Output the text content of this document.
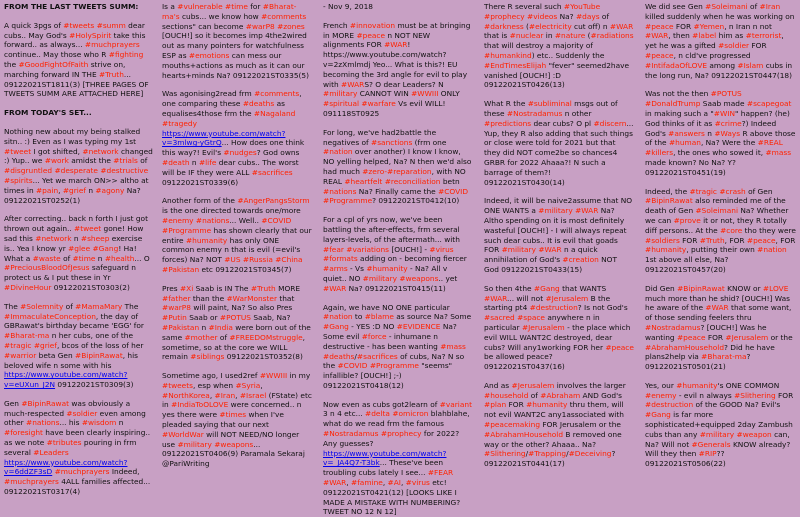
FROM THE LAST TWEETS SUMM:
A quick 3pgs of #tweets #summ dear cubs.. May God's #HolySpirit take this forward.. as always... #muchprayers continue.. May those who R #fighting the #GoodFightOfFaith strive on, marching forward IN THE #Truth... 09122021ST1811(3) [THREE PAGES OF TWEETS SUMM ARE ATTACHED HERE]
FROM TODAY'S SET...
Nothing new about my being stalked sitn.. :) Even as I was typing my 1st #tweet I got shifted, #network changed :) Yup.. we #work amidst the #trials of #disgruntled #desperate #destructive #spirits... Yet we march ON>> altho at times in #pain, #grief n #agony Na? 09122021ST0252(1)
After correcting.. back n forth I just got thrown out again.. #tweet gone! How sad this #network n #sheep exercise is.. Yea I know yr #glee #Gang! Ha! What a #waste of #time n #health... O #PreciousBloodOfJesus safeguard n protect us & I put these in Yr #DivineHour 09122021ST0303(2)
The #Solemnity of #MamaMary The #ImmaculateConception, the day of GBRawat's birthday became 'EGG' for #Bharat-ma n her cubs, one of the #tragic #grief, bcos of the loss of her #warrior beta Gen #BipinRawat, his beloved wife n some with his https://www.youtube.com/watch?v=eUXun_J2N 09122021ST0309(3)
Gen #BipinRawat was obviously a much-respected #soldier even among other #nations... his #wisdom n #foresight have been clearly inspiring.. as we note #tributes pouring in frm several #Leaders https://www.youtube.com/watch?v=6ddZF3sD #muchprayers Indeed, #muchprayers 4ALL families affected... 09122021ST0317(4)
Is a #vulnerable #time for #Bharat-ma's cubs... we know how #comments sections" can become #warP8 #zones [OUCH!] so it becomes imp 4the2wired out as many pointers for watchfulness ESP as #emotions can mess our mouths+actions as much as it can our hearts+minds Na? 09122021ST0335(5)
Was agonising2read frm #comments, one comparing these #deaths as equalises4those frm the #Nagaland #tragedy https://www.youtube.com/watch?v=3mlwg-yGtrQ... How does one think this way?! Evil's #nudges? God owns #death n #life dear cubs.. The worst will be IF they were ALL #sacrifices 09122021ST0339(6)
Another form of the #AngerPangsStorm is the one directed towards one/more #enemy #nations... Well.. #COVID #Programme has shown clearly that our entire #humanity has only ONE common enemy n that is evil (=evil's forces) Na? NOT #US #Russia #China #Pakistan etc 09122021ST0345(7)
Pres #Xi Saab is IN The #Truth MORE #father than the #WarMonster that #warP8 will paint, Na? So also Pres #Putin Saab or #POTUS Saab, Na? #Pakistan n #India were born out of the same #mother of #FREEDOMstruggle, sometime, so at the core we WILL remain #siblings 09122021ST0352(8)
Sometime ago, I used2ref #WWIII in my #tweets, esp when #Syria, #NorthKorea, #Iran, #Israel (FState) etc in #IndiaToOLOVE were concerned.. n yes there were #times when I've pleaded saying that our next #WorldWar will NOT NEED/NO longer use #military #weapons... 09122021ST0406(9) Paramala Sekaraj @PariWriting
- Nov 9, 2018
French #innovation must be at bringing in MORE #peace n NOT NEW alignments FOR #WAR! https://www.youtube.com/watch?v=2zXmlmdj Yeo... What is this?! EU becoming the 3rd angle for evil to play with #WARS? O dear Leaders? N #military CANNOT WIN #WWIII ONLY #spiritual #warfare Vs evil WILL! 091118ST0925
For long, we've had2battle the negatives of #sanctions (frm one #nation over another) I know I know, NO yelling helped, Na? N then we'd also had much #zero-#reparation, with NO REAL #heartfelt #reconciliation betn #nations Na? Finally came the #COVID #Programme? 09122021ST0412(10)
For a cpl of yrs now, we've been battling the after-effects, frm several layers-levels, of the aftermath... with #fear #variations [OUCH!] - #virus #formats adding on - becoming fiercer #arms - Vs #humanity - Na? All v quiet.. NO #military #weapons.. yet #WAR Na? 09122021ST0415(11)
Again, we have NO ONE particular #nation to #blame as source Na? Some #Gang - YES :D NO #EVIDENCE Na? Some evil #force - inhumane n destructive - has been wanting #mass #deaths/#sacrifices of cubs, Na? N so the #COVID #Programme "seems" infallible? [OUCH!] ;-) 09122021ST0418(12)
Now even as cubs got2learn of #variant 3 n 4 etc... #delta #omicron blahblahe, what do we read frm the famous #Nostradamus #prophecy for 2022? Any guesses? https://www.youtube.com/watch?v=_JA4Q7-T3bk... These've been troubling cubs lately I see... #FEAR #WAR, #famine, #AI, #virus etc! 09122021ST0421(12) [LOOKS LIKE I MADE A MISTAKE WITH NUMBERING? TWEET NO 12 N 12]
There R several such #YouTube #prophecy #videos Na? #days of #darkness (#electricity cut off) n #WAR that is #nuclear in #nature (#radiations that will destroy a majority of #humankind) etc.. Suddenly the #EndTimesElijah "fever" seemed2have vanished [OUCH!] :D 09122021ST0426(13)
What R the #subliminal msgs out of these #Nostradamus n other #predictions dear cubs? O pl #discern... Yup, they R also adding that such things or close were told for 2021 but that they did NOT come2be so chances4 GRBR for 2022 Ahaaa?! N such a barrage of them?! 09122021ST0430(14)
Indeed, it will be naive2assume that NO ONE WANTS a #military #WAR Na? Altho spending on it is most definitely wasteful [OUCH!] - I will always repeat such dear cubs.. It is evil that goads FOR #military #WAR n a quick annihilation of God's #creation NOT God 09122021ST0433(15)
So then 4the #Gang that WANTS #WAR... will not #Jerusalem B the starting pt4 #destruction? Is not God's #sacred #space anywhere n in particular #Jerusalem - the place which evil WILL WANT2C destroyed, dear cubs? Will any1working FOR her #peace be allowed peace? 09122021ST0437(16)
And as #Jerusalem involves the larger #household of #Abraham AND God's #plan FOR #humanity thru them, will not evil WANT2C any1associated with #peacemaking FOR Jerusalem or the #AbrahamHousehold B removed one way or the other? Ahaaa.. Na? #Slithering/#Trapping/#Deceiving? 09122021ST0441(17)
We did see Gen #Soleimani of #Iran killed suddenly when he was working on #peace FOR #Yemen, n Iran n not #WAR, then #label him as #terrorist, yet he was a gifted #soldier FOR #peace, n cld've progressed #IntifadaOfLOVE among #Islam cubs in the long run, Na? 09122021ST0447(18)
Was not the then #POTUS #DonaldTrump Saab made #scapegoat in making such a "#WIN" happen? (he) God thinks of it as #crime?) Indeed God's #answers n #Ways R above those of the #human, Na? Were the #REAL #killers, the ones who sowed it, #mass made known? No Na? Y? 09122021ST0451(19)
Indeed, the #tragic #crash of Gen #BipinRawat also reminded me of the death of Gen #Soleimani Na? Whether we can #prove it or not, they R totally diff persons.. At the #core tho they were #soldiers FOR #Truth, FOR #peace, FOR #humanity, putting their own #nation 1st above all else, Na? 09122021ST0457(20)
Did Gen #BipinRawat KNOW or #LOVE much more than he shid? [OUCH!] Was he aware of the #WAR that some want, of those sending feelers thru #Nostradamus? [OUCH!] Was he wanting #peace FOR #Jerusalem or the #AbrahamHousehold? Did he have plans2help via #Bharat-ma? 09122021ST0501(21)
Yes, our #humanity's ONE COMMON #enemy - evil n always #Slithering FOR #destruction of the GOOD Na? Evil's #Gang is far more sophisticated+equipped 2day Zambush cubs than any #military #weapon can, Na? Will not #Generals KNOW already? Will they then #RIP?? 09122021ST0506(22)
